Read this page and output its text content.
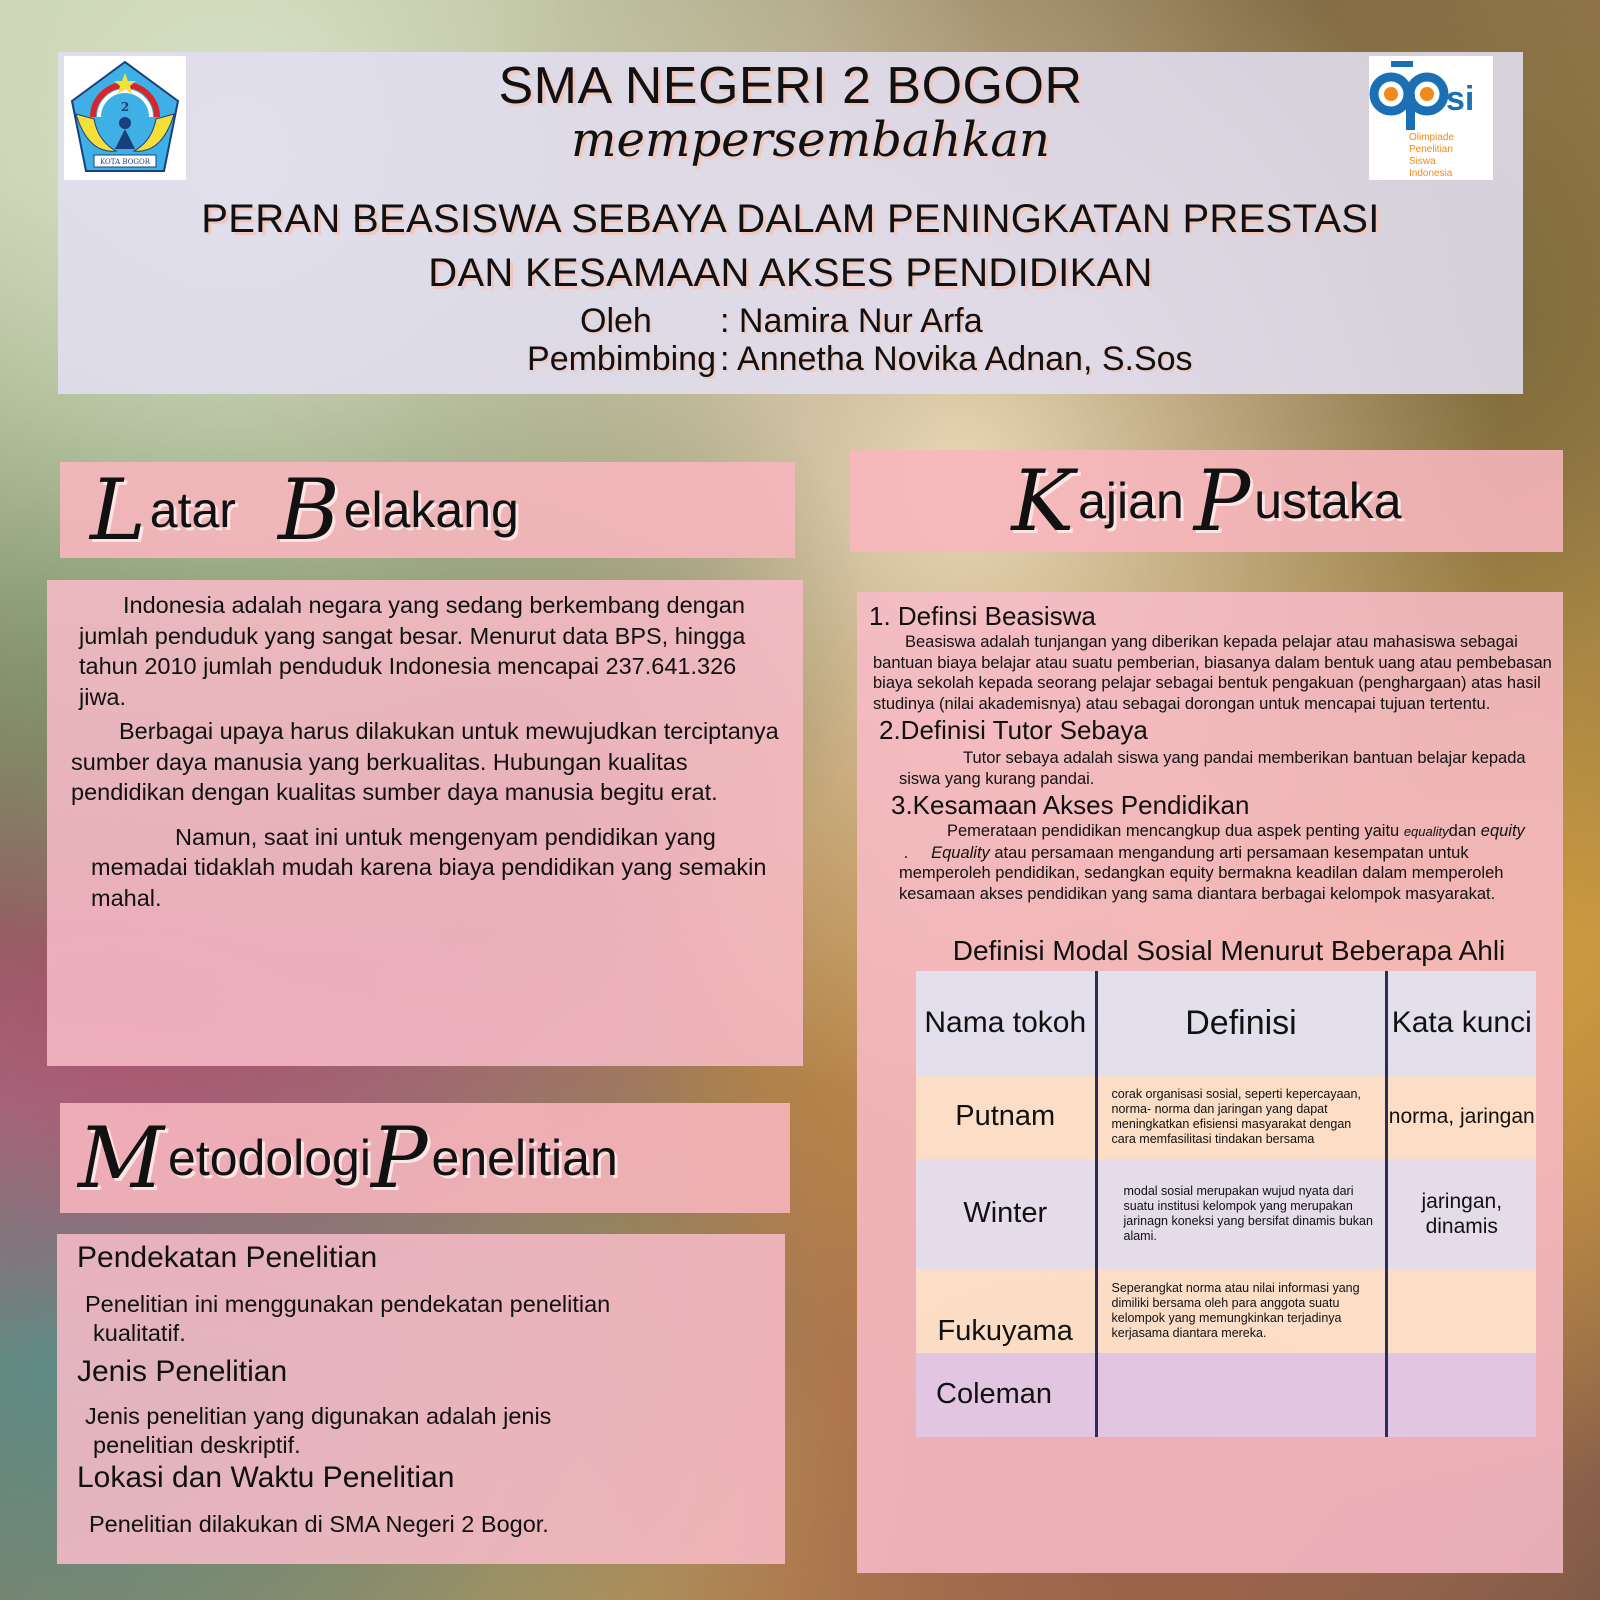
2
KOTA BOGOR
SMA NEGERI 2 BOGOR
mempersembahkan
PERAN BEASISWA SEBAYA DALAM PENINGKATAN PRESTASI
DAN KESAMAAN AKSES PENDIDIKAN
Oleh	: Namira Nur Arfa
Pembimbing : Annetha Novika Adnan, S.Sos
si
Olimpiade
Penelitian
Siswa
Indonesia
L atar B elakang

Indonesia adalah negara yang sedang berkembang dengan jumlah penduduk yang sangat besar. Menurut data BPS, hingga tahun 2010 jumlah penduduk Indonesia mencapai 237.641.326 jiwa.

Berbagai upaya harus dilakukan untuk mewujudkan terciptanya sumber daya manusia yang berkualitas. Hubungan kualitas pendidikan dengan kualitas sumber daya manusia begitu erat.

Namun, saat ini untuk mengenyam pendidikan yang memadai tidaklah mudah karena biaya pendidikan yang semakin mahal.

K ajian P ustaka
1. Definsi Beasiswa
Beasiswa adalah tunjangan yang diberikan kepada pelajar atau mahasiswa sebagai bantuan biaya belajar atau suatu pemberian, biasanya dalam bentuk uang atau pembebasan biaya sekolah kepada seorang pelajar sebagai bentuk pengakuan (penghargaan) atas hasil studinya (nilai akademisnya) atau sebagai dorongan untuk mencapai tujuan tertentu.
2.Definisi Tutor Sebaya
Tutor sebaya adalah siswa yang pandai memberikan bantuan belajar kepada siswa yang kurang pandai.
3.Kesamaan Akses Pendidikan
Pemerataan pendidikan mencangkup dua aspek penting yaitu equalitydan equity .     Equality atau persamaan mengandung arti persamaan kesempatan untuk memperoleh pendidikan, sedangkan equity bermakna keadilan dalam memperoleh kesamaan akses pendidikan yang sama diantara berbagai kelompok masyarakat.
Definisi Modal Sosial Menurut Beberapa Ahli
Nama tokoh	Definisi	Kata kunci
Putnam	corak organisasi sosial, seperti kepercayaan, norma- norma dan jaringan yang dapat meningkatkan efisiensi masyarakat dengan cara memfasilitasi tindakan bersama	norma, jaringan
Winter	modal sosial merupakan wujud nyata dari suatu institusi kelompok yang merupakan jarinagn koneksi yang bersifat dinamis bukan alami.	jaringan, dinamis
Fukuyama	Seperangkat norma atau nilai informasi yang dimiliki bersama oleh para anggota suatu kelompok yang memungkinkan terjadinya kerjasama diantara mereka.	
Coleman		
M etodologi P enelitian
Pendekatan Penelitian
Penelitian ini menggunakan pendekatan penelitian
kualitatif.
Jenis Penelitian
Jenis penelitian yang digunakan adalah jenis
penelitian deskriptif.
Lokasi dan Waktu Penelitian
Penelitian dilakukan di SMA Negeri 2 Bogor.
